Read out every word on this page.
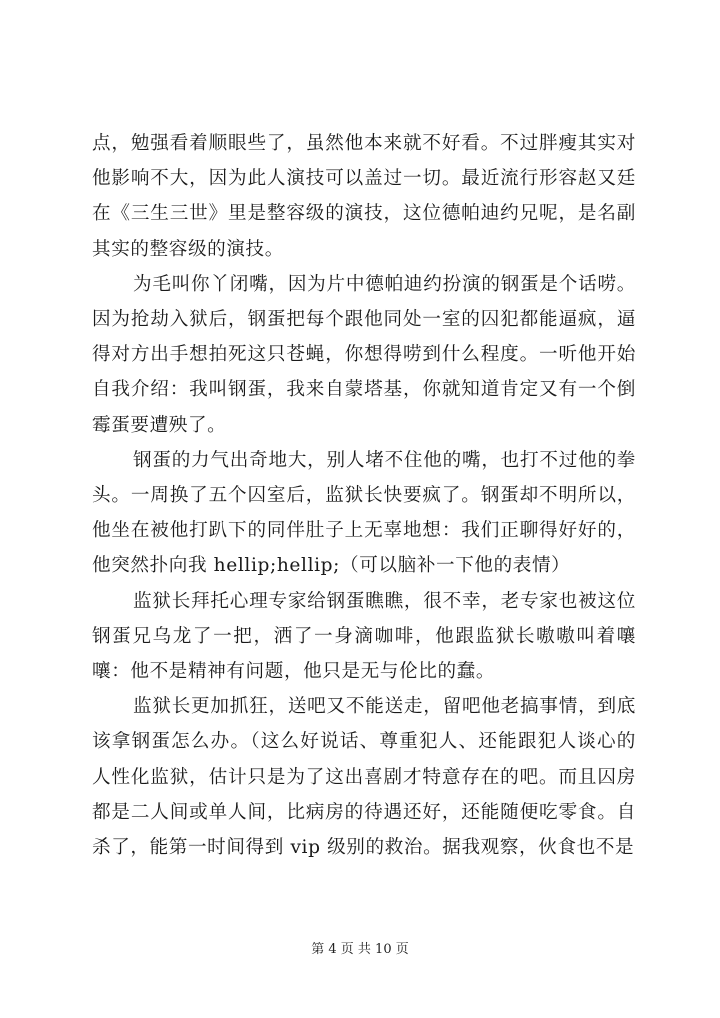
点，勉强看着顺眼些了，虽然他本来就不好看。不过胖瘦其实对他影响不大，因为此人演技可以盖过一切。最近流行形容赵又廷在《三生三世》里是整容级的演技，这位德帕迪约兄呢，是名副其实的整容级的演技。

为毛叫你丫闭嘴，因为片中德帕迪约扮演的钢蛋是个话唠。因为抢劫入狱后，钢蛋把每个跟他同处一室的囚犯都能逼疯，逼得对方出手想拍死这只苍蝇，你想得唠到什么程度。一听他开始自我介绍：我叫钢蛋，我来自蒙塔基，你就知道肯定又有一个倒霉蛋要遭殃了。

钢蛋的力气出奇地大，别人堵不住他的嘴，也打不过他的拳头。一周换了五个囚室后，监狱长快要疯了。钢蛋却不明所以，他坐在被他打趴下的同伴肚子上无辜地想：我们正聊得好好的，他突然扑向我 hellip;hellip;（可以脑补一下他的表情）

监狱长拜托心理专家给钢蛋瞧瞧，很不幸，老专家也被这位钢蛋兄乌龙了一把，洒了一身滴咖啡，他跟监狱长嗷嗷叫着嚷嚷：他不是精神有问题，他只是无与伦比的蠢。

监狱长更加抓狂，送吧又不能送走，留吧他老搞事情，到底该拿钢蛋怎么办。（这么好说话、尊重犯人、还能跟犯人谈心的人性化监狱，估计只是为了这出喜剧才特意存在的吧。而且囚房都是二人间或单人间，比病房的待遇还好，还能随便吃零食。自杀了，能第一时间得到 vip 级别的救治。据我观察，伙食也不是

第 4 页 共 10 页
